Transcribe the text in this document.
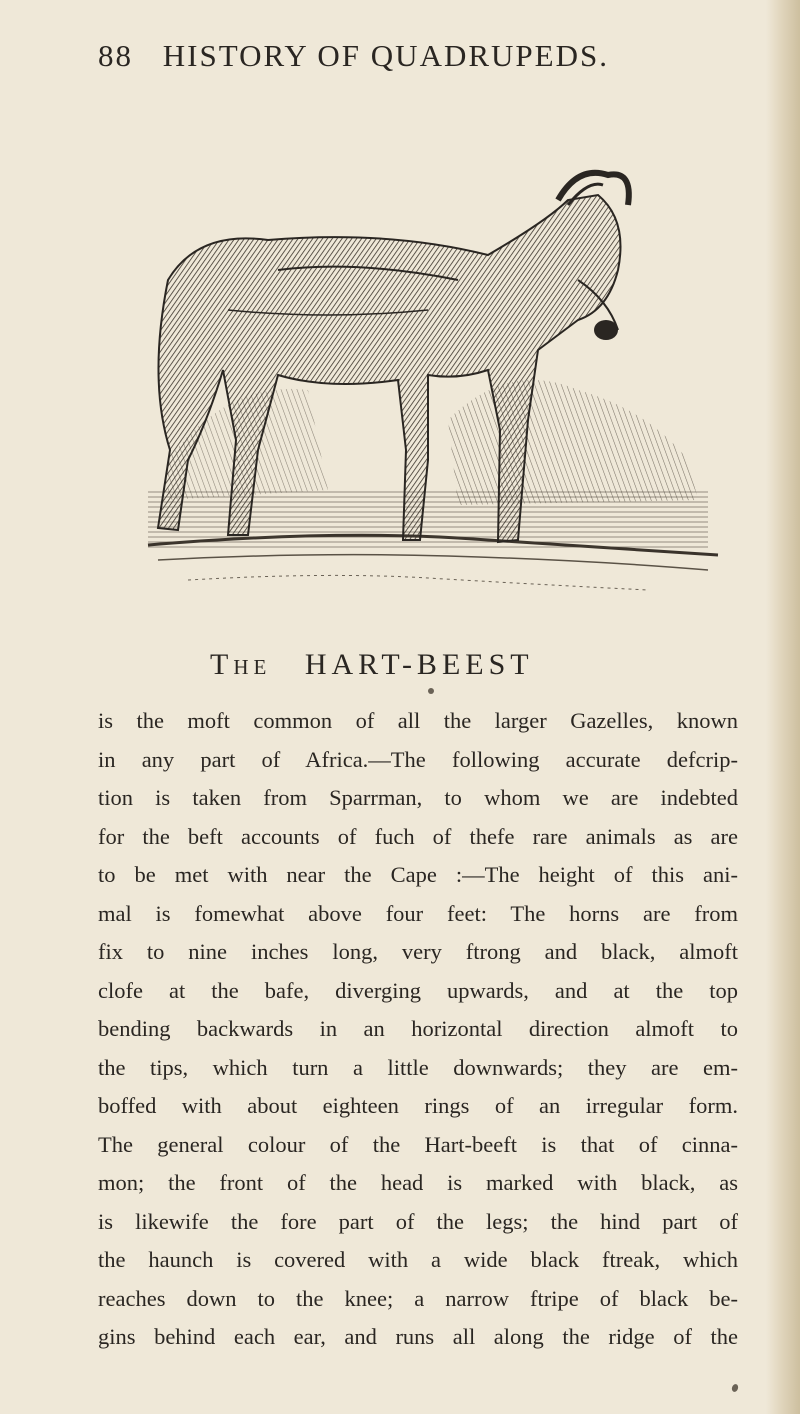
88 HISTORY OF QUADRUPEDS.
The HART-BEEST
is the moft common of all the larger Gazelles, known
in any part of Africa.—The following accurate defcrip-
tion is taken from Sparrman, to whom we are indebted
for the beft accounts of fuch of thefe rare animals as are
to be met with near the Cape :—The height of this ani-
mal is fomewhat above four feet: The horns are from
fix to nine inches long, very ftrong and black, almoft
clofe at the bafe, diverging upwards, and at the top
bending backwards in an horizontal direction almoft to
the tips, which turn a little downwards; they are em-
boffed with about eighteen rings of an irregular form.
The general colour of the Hart-beeft is that of cinna-
mon; the front of the head is marked with black, as
is likewife the fore part of the legs; the hind part of
the haunch is covered with a wide black ftreak, which
reaches down to the knee; a narrow ftripe of black be-
gins behind each ear, and runs all along the ridge of the
